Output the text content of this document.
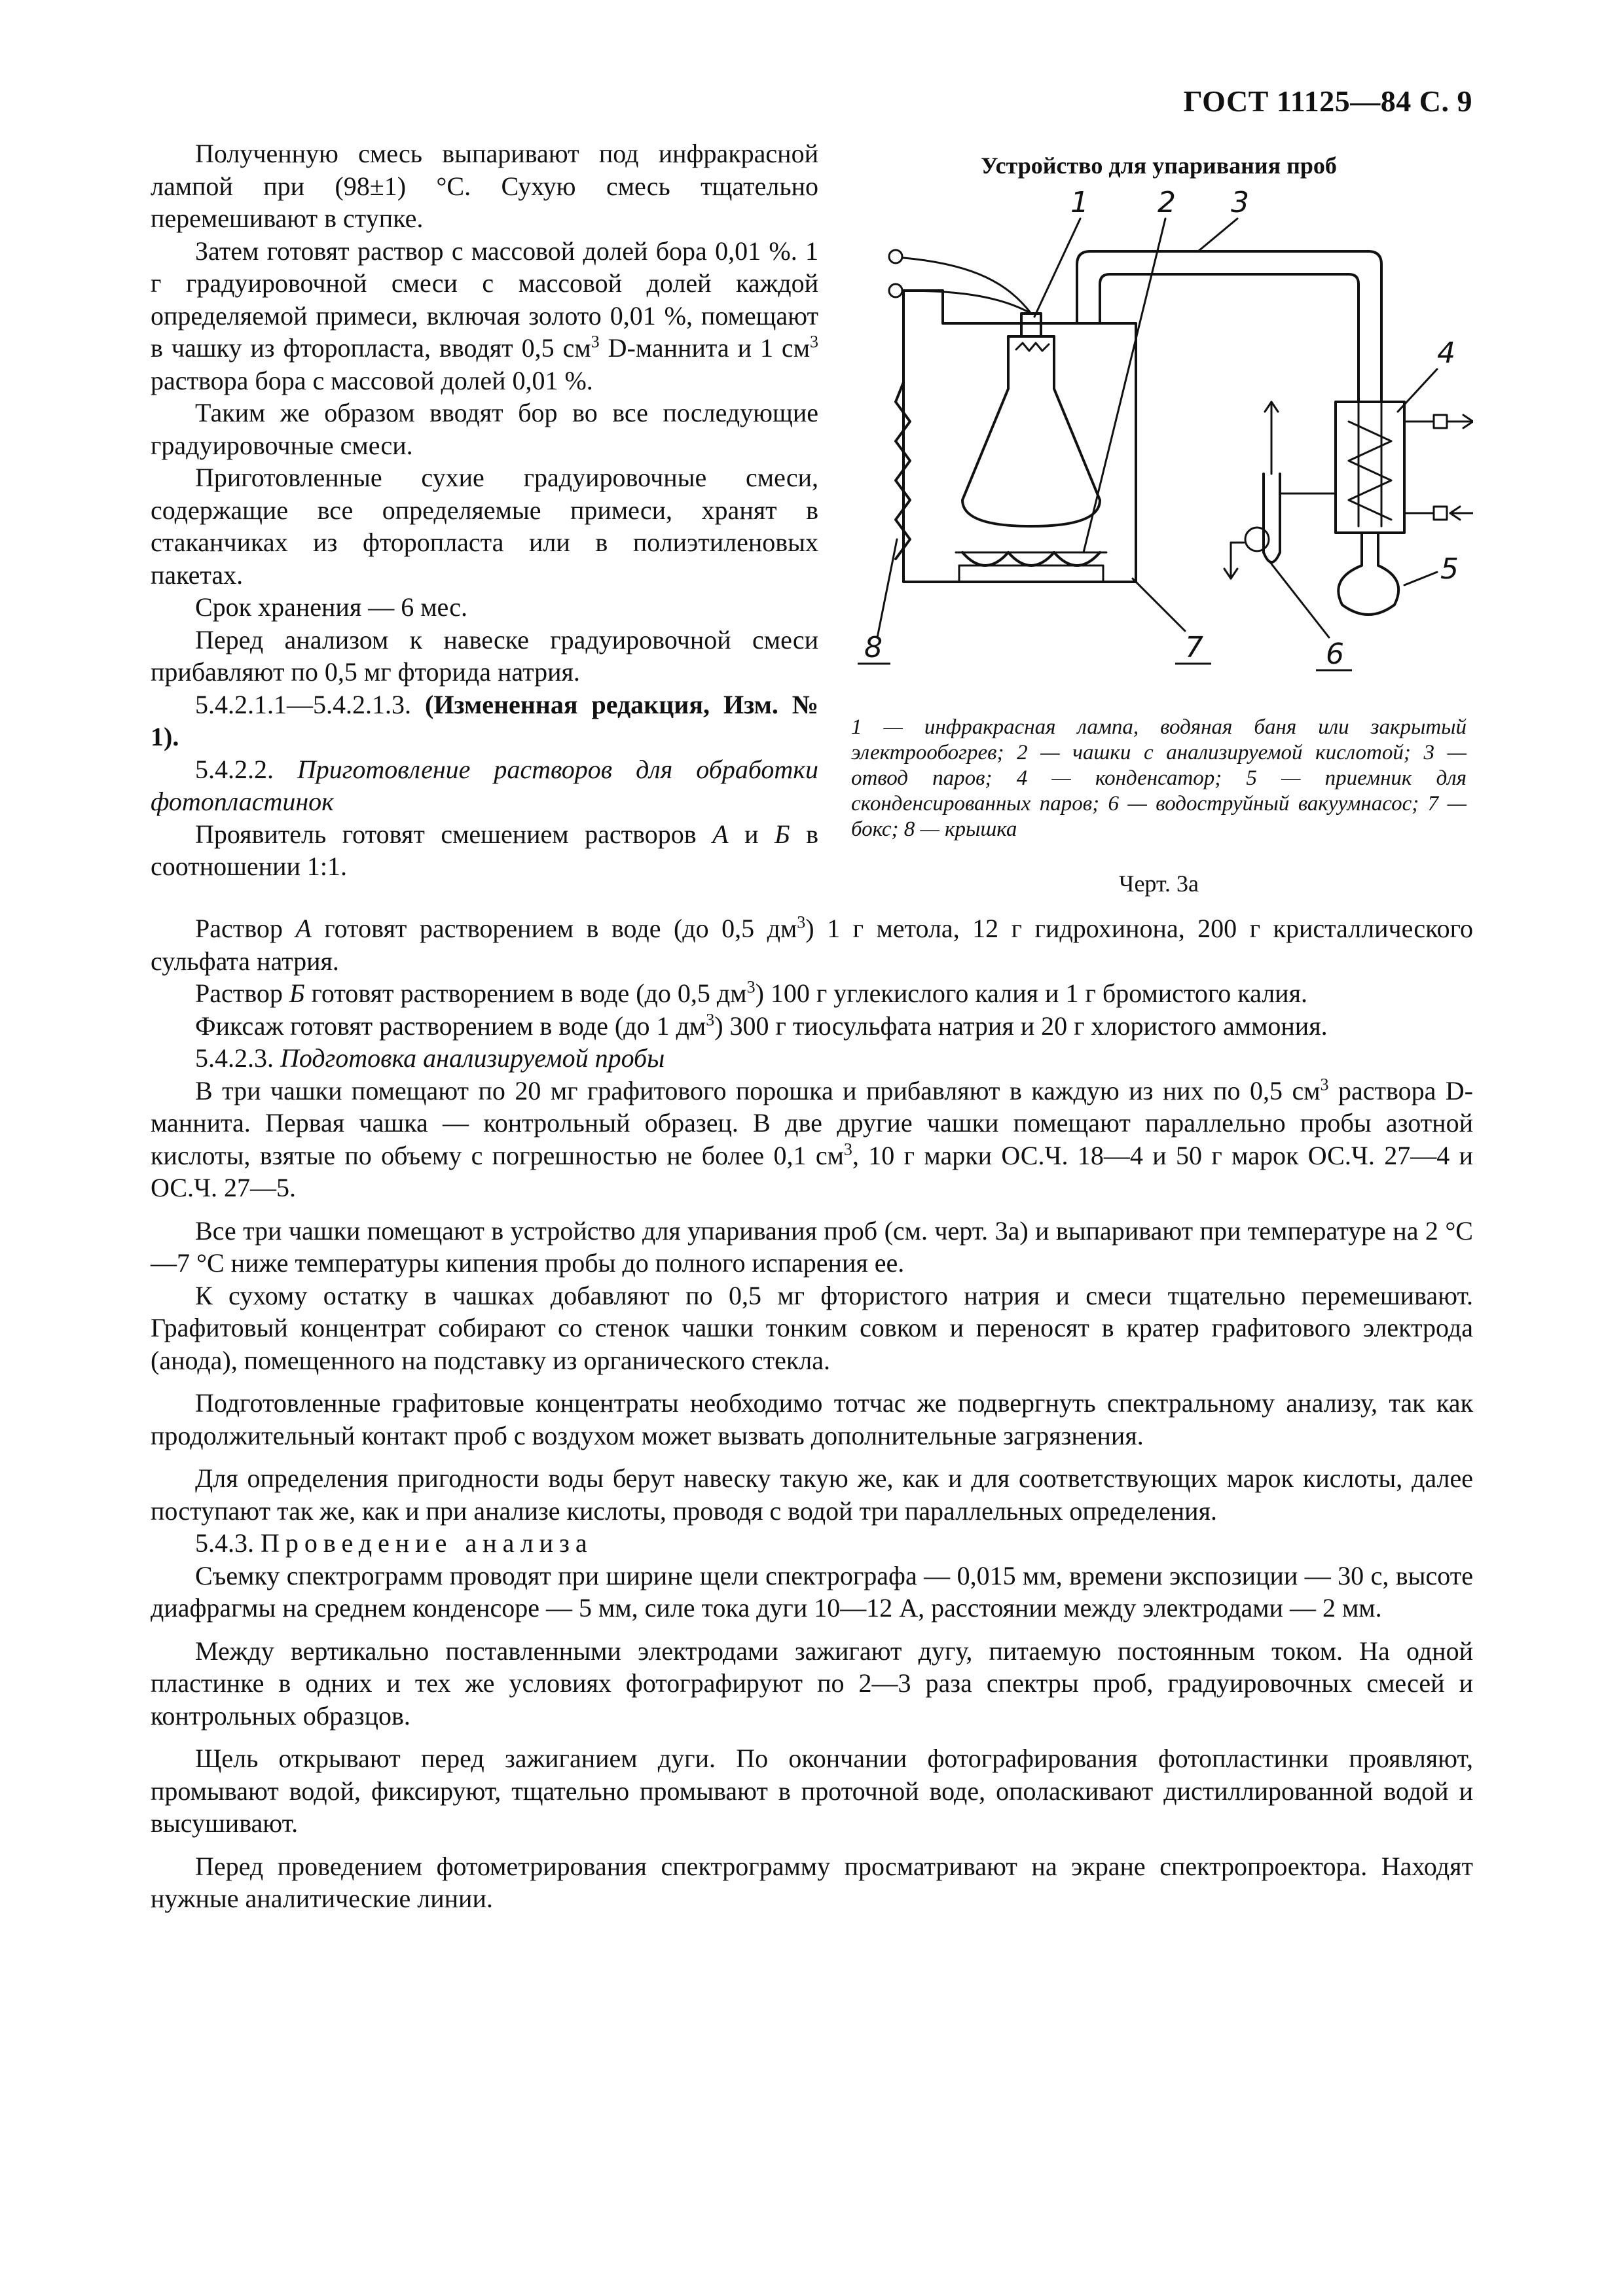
ГОСТ 11125—84 С. 9

Полученную смесь выпаривают под инфракрасной лампой при (98±1) °С. Сухую смесь тщательно перемешивают в ступке.

Затем готовят раствор с массовой долей бора 0,01 %. 1 г градуировочной смеси с массовой долей каждой определяемой примеси, включая золото 0,01 %, помещают в чашку из фторопласта, вводят 0,5 $см^3$ D-маннита и 1 $см^3$ раствора бора с массовой долей 0,01 %.

Таким же образом вводят бор во все последующие градуировочные смеси.

Приготовленные сухие градуировочные смеси, содержащие все определяемые примеси, хранят в стаканчиках из фторопласта или в полиэтиленовых пакетах.

Срок хранения — 6 мес.

Перед анализом к навеске градуировочной смеси прибавляют по 0,5 мг фторида натрия.

5.4.2.1.1—5.4.2.1.3. (Измененная редакция, Изм. № 1).

5.4.2.2. Приготовление растворов для обработки фотопластинок

Проявитель готовят смешением растворов А и Б в соотношении 1:1.

Устройство для упаривания проб
1 2 3
4
5
6
7
8
1 — инфракрасная лампа, водяная баня или закрытый электрообогрев; 2 — чашки с анализируемой кислотой; 3 — отвод паров; 4 — конденсатор; 5 — приемник для сконденсированных паров; 6 — водоструйный вакуумнасос; 7 — бокс; 8 — крышка
Черт. 3а

Раствор А готовят растворением в воде (до 0,5 $дм^3$) 1 г метола, 12 г гидрохинона, 200 г кристаллического сульфата натрия.

Раствор Б готовят растворением в воде (до 0,5 $дм^3$) 100 г углекислого калия и 1 г бромистого калия.

Фиксаж готовят растворением в воде (до 1 $дм^3$) 300 г тиосульфата натрия и 20 г хлористого аммония.

5.4.2.3. Подготовка анализируемой пробы

В три чашки помещают по 20 мг графитового порошка и прибавляют в каждую из них по 0,5 $см^3$ раствора D-маннита. Первая чашка — контрольный образец. В две другие чашки помещают параллельно пробы азотной кислоты, взятые по объему с погрешностью не более 0,1 $см^3$, 10 г марки ОС.Ч. 18—4 и 50 г марок ОС.Ч. 27—4 и ОС.Ч. 27—5.

Все три чашки помещают в устройство для упаривания проб (см. черт. 3а) и выпаривают при температуре на 2 °С—7 °С ниже температуры кипения пробы до полного испарения ее.

К сухому остатку в чашках добавляют по 0,5 мг фтористого натрия и смеси тщательно перемешивают. Графитовый концентрат собирают со стенок чашки тонким совком и переносят в кратер графитового электрода (анода), помещенного на подставку из органического стекла.

Подготовленные графитовые концентраты необходимо тотчас же подвергнуть спектральному анализу, так как продолжительный контакт проб с воздухом может вызвать дополнительные загрязнения.

Для определения пригодности воды берут навеску такую же, как и для соответствующих марок кислоты, далее поступают так же, как и при анализе кислоты, проводя с водой три параллельных определения.

5.4.3. Проведение анализа

Съемку спектрограмм проводят при ширине щели спектрографа — 0,015 мм, времени экспозиции — 30 с, высоте диафрагмы на среднем конденсоре — 5 мм, силе тока дуги 10—12 А, расстоянии между электродами — 2 мм.

Между вертикально поставленными электродами зажигают дугу, питаемую постоянным током. На одной пластинке в одних и тех же условиях фотографируют по 2—3 раза спектры проб, градуировочных смесей и контрольных образцов.

Щель открывают перед зажиганием дуги. По окончании фотографирования фотопластинки проявляют, промывают водой, фиксируют, тщательно промывают в проточной воде, ополаскивают дистиллированной водой и высушивают.

Перед проведением фотометрирования спектрограмму просматривают на экране спектропроектора. Находят нужные аналитические линии.
